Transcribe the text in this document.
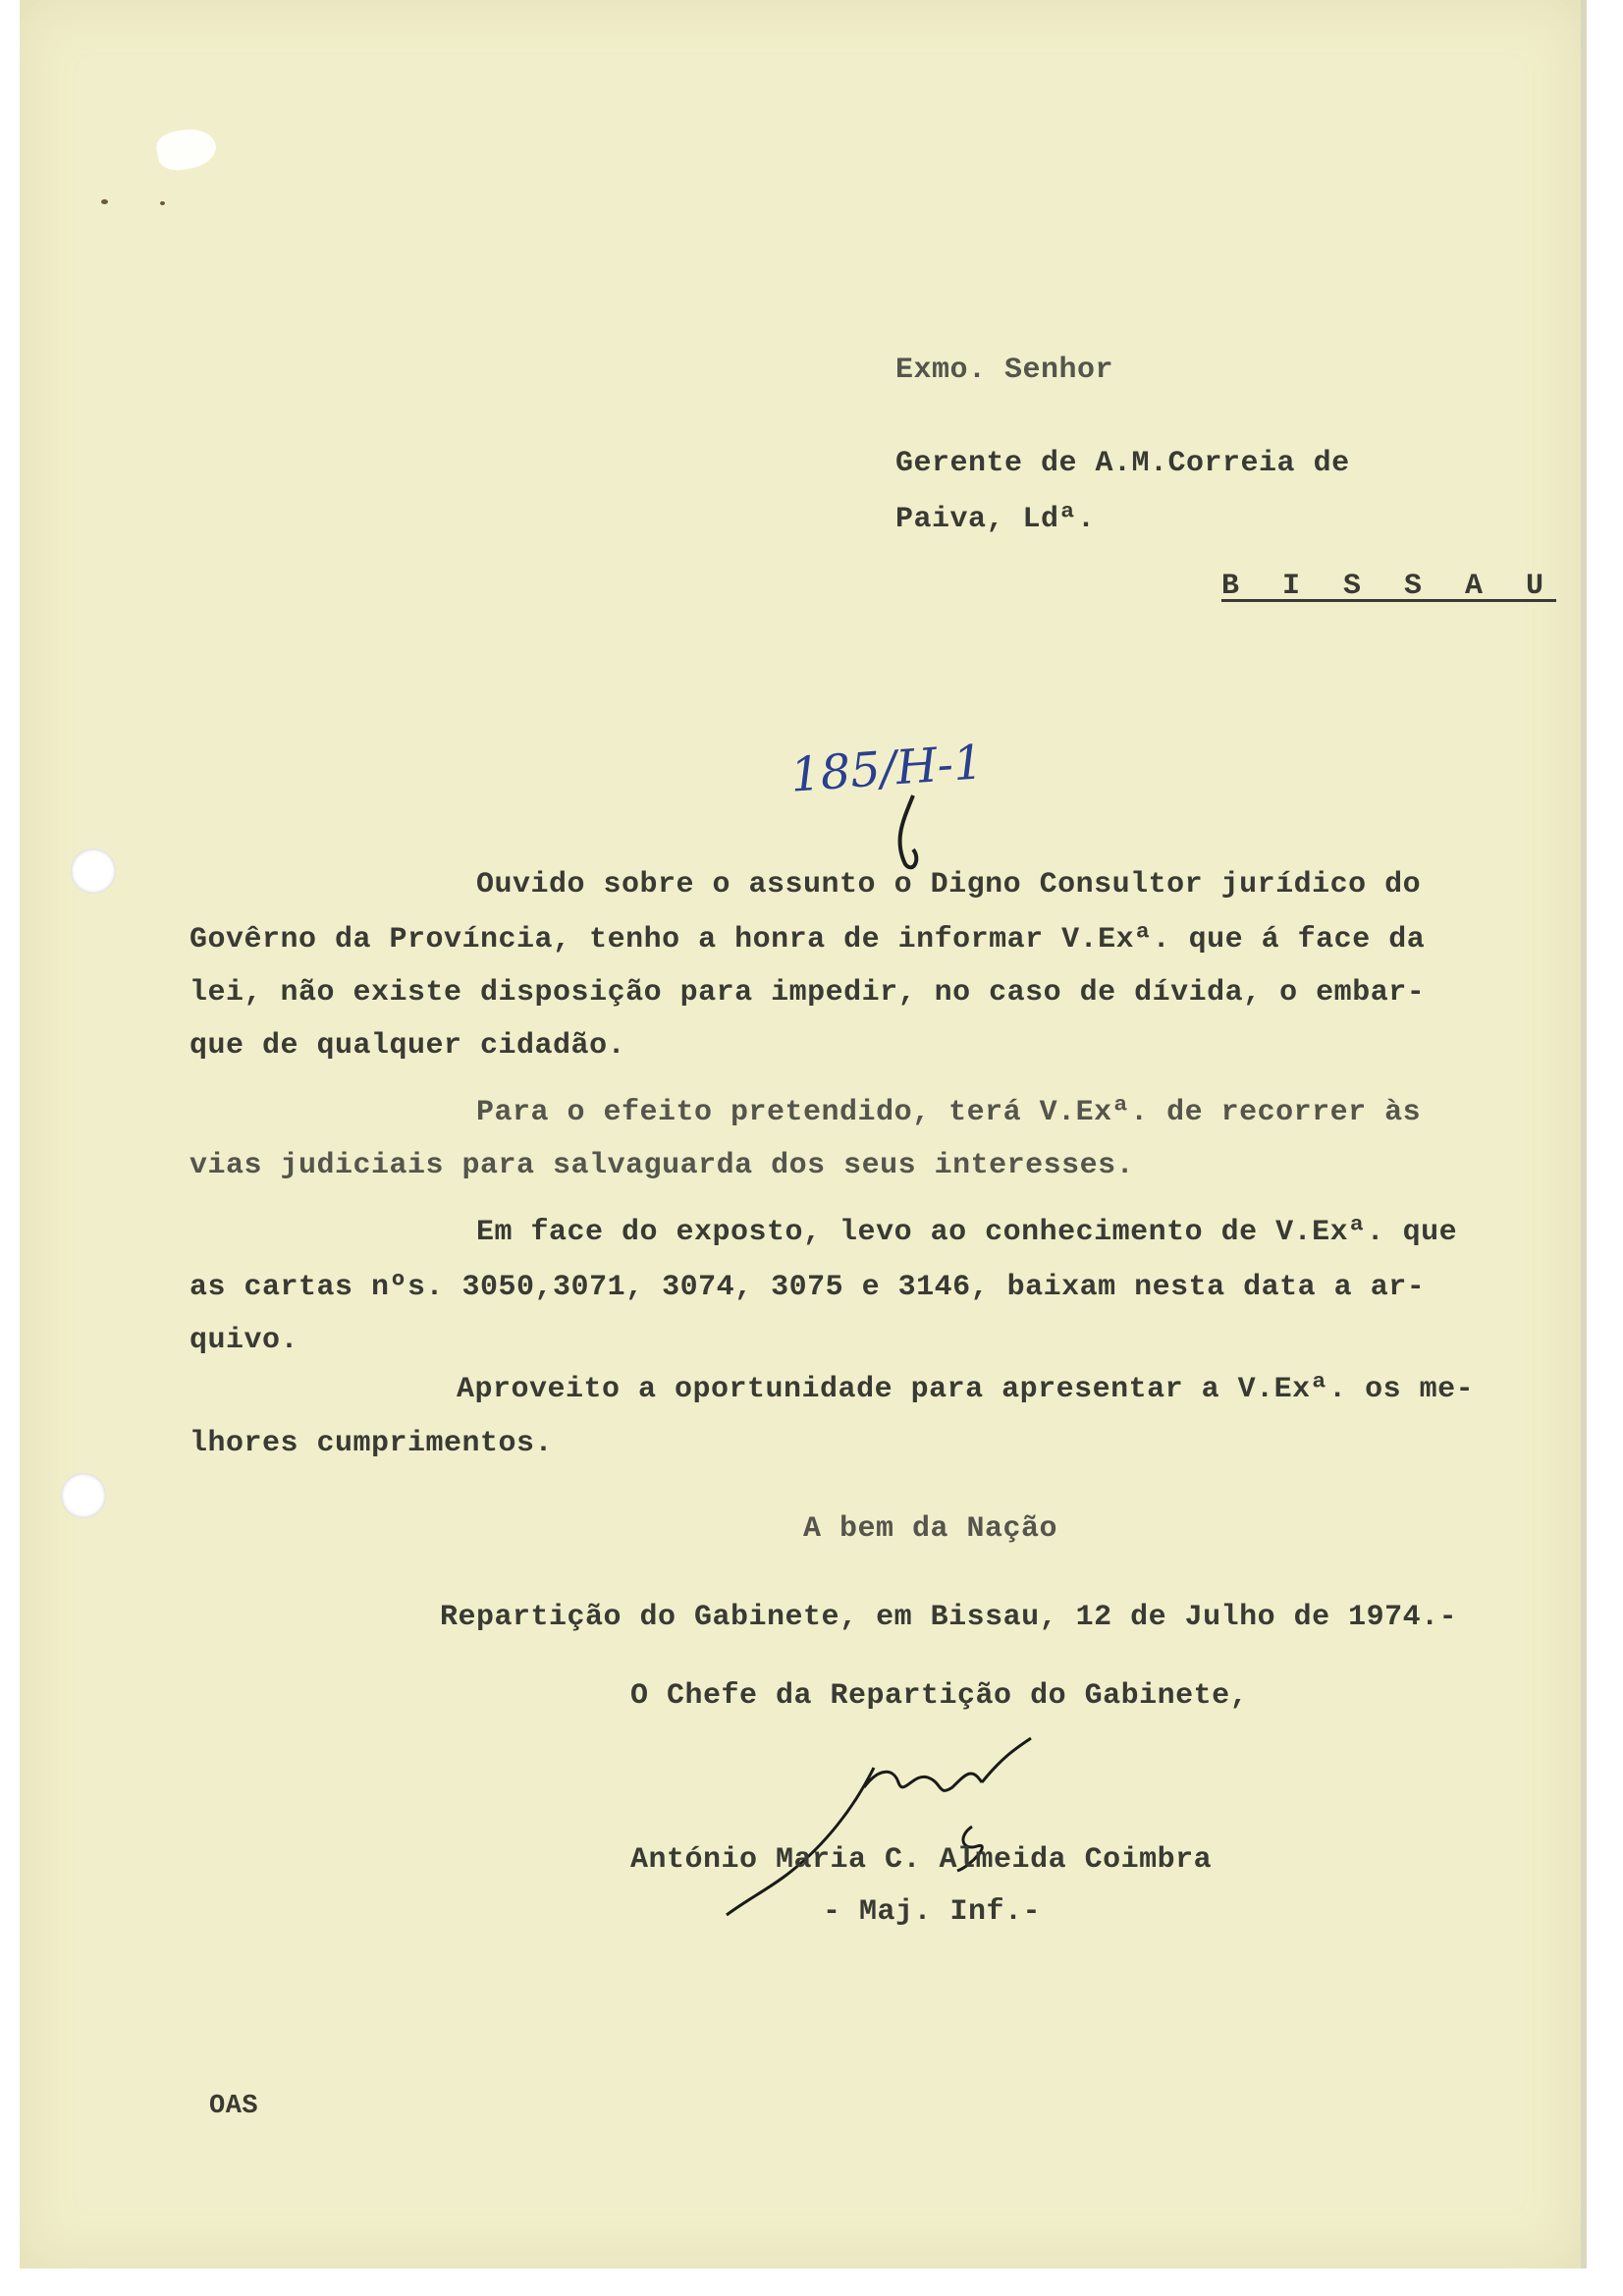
Exmo. Senhor
Gerente de A.M.Correia de
Paiva, Ldª.
B I S S A U
185/H-1
Ouvido sobre o assunto o Digno Consultor jurídico do
Govêrno da Província, tenho a honra de informar V.Exª. que á face da
lei, não existe disposição para impedir, no caso de dívida, o embar-
que de qualquer cidadão.
Para o efeito pretendido, terá V.Exª. de recorrer às
vias judiciais para salvaguarda dos seus interesses.
Em face do exposto, levo ao conhecimento de V.Exª. que
as cartas nºs. 3050,3071, 3074, 3075 e 3146, baixam nesta data a ar-
quivo.
Aproveito a oportunidade para apresentar a V.Exª. os me-
lhores cumprimentos.
A bem da Nação
Repartição do Gabinete, em Bissau, 12 de Julho de 1974.-
O Chefe da Repartição do Gabinete,
António Maria C. Almeida Coimbra
- Maj. Inf.-
OAS
